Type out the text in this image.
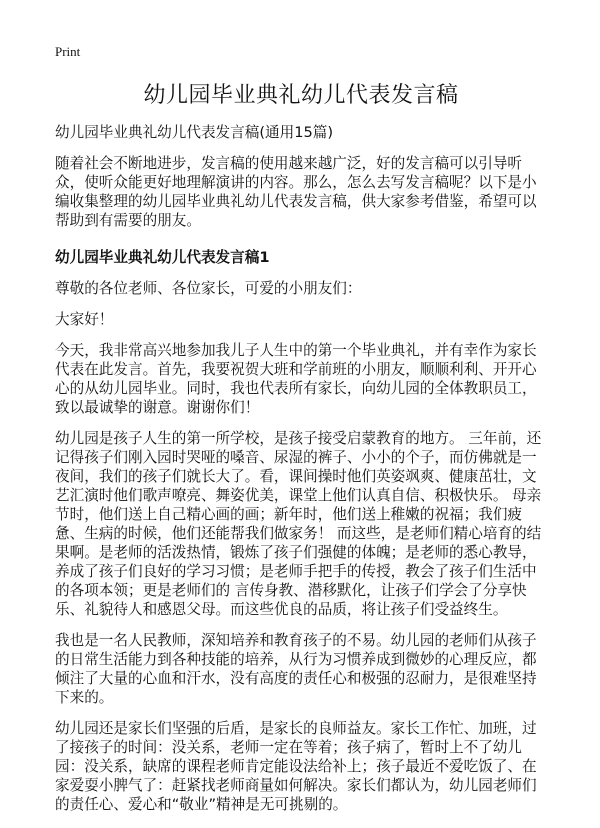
Print
幼儿园毕业典礼幼儿代表发言稿

幼儿园毕业典礼幼儿代表发言稿(通用15篇)

随着社会不断地进步，发言稿的使用越来越广泛，好的发言稿可以引导听众，使听众能更好地理解演讲的内容。那么，怎么去写发言稿呢？以下是小编收集整理的幼儿园毕业典礼幼儿代表发言稿，供大家参考借鉴，希望可以帮助到有需要的朋友。

幼儿园毕业典礼幼儿代表发言稿1

尊敬的各位老师、各位家长，可爱的小朋友们：

大家好！

今天，我非常高兴地参加我儿子人生中的第一个毕业典礼，并有幸作为家长代表在此发言。首先，我要祝贺大班和学前班的小朋友，顺顺利利、开开心心的从幼儿园毕业。同时，我也代表所有家长，向幼儿园的全体教职员工，致以最诚挚的谢意。谢谢你们！

幼儿园是孩子人生的第一所学校，是孩子接受启蒙教育的地方。 三年前，还记得孩子们刚入园时哭哑的嗓音、尿湿的裤子、小小的个子，而仿佛就是一夜间，我们的孩子们就长大了。看，课间操时他们英姿飒爽、健康茁壮，文艺汇演时他们歌声嘹亮、舞姿优美，课堂上他们认真自信、积极快乐。 母亲节时，他们送上自己精心画的画；新年时，他们送上稚嫩的祝福；我们疲惫、生病的时候，他们还能帮我们做家务！ 而这些，是老师们精心培育的结果啊。是老师的活泼热情，锻炼了孩子们强健的体魄；是老师的悉心教导，养成了孩子们良好的学习习惯；是老师手把手的传授，教会了孩子们生活中的各项本领；更是老师们的 言传身教、潜移默化，让孩子们学会了分享快乐、礼貌待人和感恩父母。而这些优良的品质，将让孩子们受益终生。

我也是一名人民教师，深知培养和教育孩子的不易。幼儿园的老师们从孩子的日常生活能力到各种技能的培养，从行为习惯养成到微妙的心理反应，都倾注了大量的心血和汗水，没有高度的责任心和极强的忍耐力，是很难坚持下来的。

幼儿园还是家长们坚强的后盾，是家长的良师益友。家长工作忙、加班，过了接孩子的时间：没关系，老师一定在等着；孩子病了，暂时上不了幼儿园：没关系，缺席的课程老师肯定能设法给补上；孩子最近不爱吃饭了、在家爱耍小脾气了：赶紧找老师商量如何解决。家长们都认为，幼儿园老师们的责任心、爱心和“敬业”精神是无可挑剔的。
